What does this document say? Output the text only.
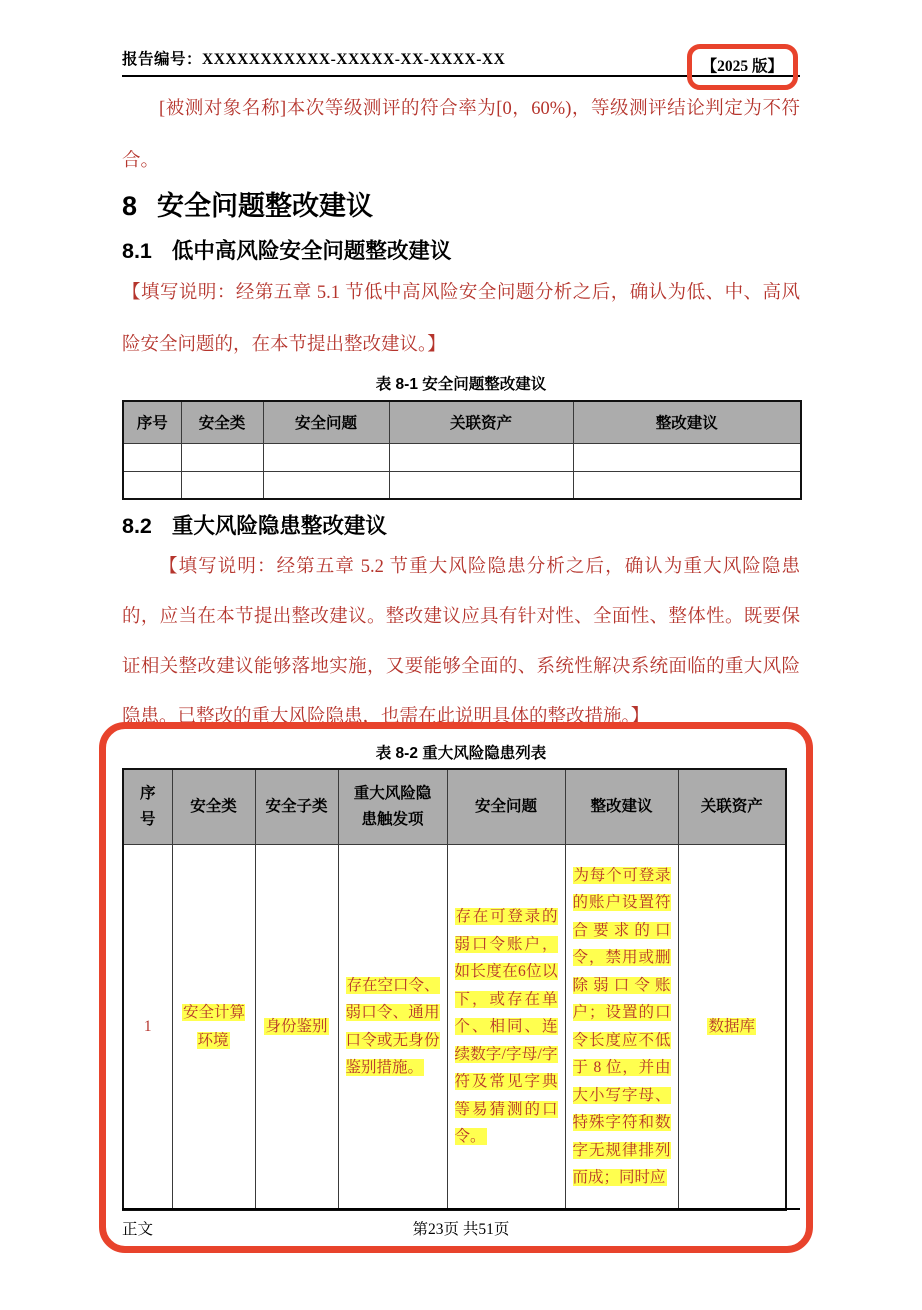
报告编号：XXXXXXXXXXX-XXXXX-XX-XXXX-XX	【2025 版】

[被测对象名称]本次等级测评的符合率为[0，60%)，等级测评结论判定为不符合。

8 安全问题整改建议
8.1 低中高风险安全问题整改建议

【填写说明：经第五章 5.1 节低中高风险安全问题分析之后，确认为低、中、高风险安全问题的，在本节提出整改建议。】

表 8-1 安全问题整改建议
序号	安全类	安全问题	关联资产	整改建议

8.2 重大风险隐患整改建议

【填写说明：经第五章 5.2 节重大风险隐患分析之后，确认为重大风险隐患的，应当在本节提出整改建议。整改建议应具有针对性、全面性、整体性。既要保证相关整改建议能够落地实施，又要能够全面的、系统性解决系统面临的重大风险隐患。已整改的重大风险隐患，也需在此说明具体的整改措施。】

表 8-2 重大风险隐患列表
序号	安全类	安全子类	重大风险隐患触发项	安全问题	整改建议	关联资产
1	安全计算环境	身份鉴别	存在空口令、弱口令、通用口令或无身份鉴别措施。	存在可登录的弱口令账户，如长度在6位以下，或存在单个、相同、连续数字/字母/字符及常见字典等易猜测的口令。	为每个可登录的账户设置符合要求的口令，禁用或删除弱口令账户；设置的口令长度应不低于 8 位，并由大小写字母、特殊字符和数字无规律排列而成；同时应	数据库
正文	第23页 共51页
